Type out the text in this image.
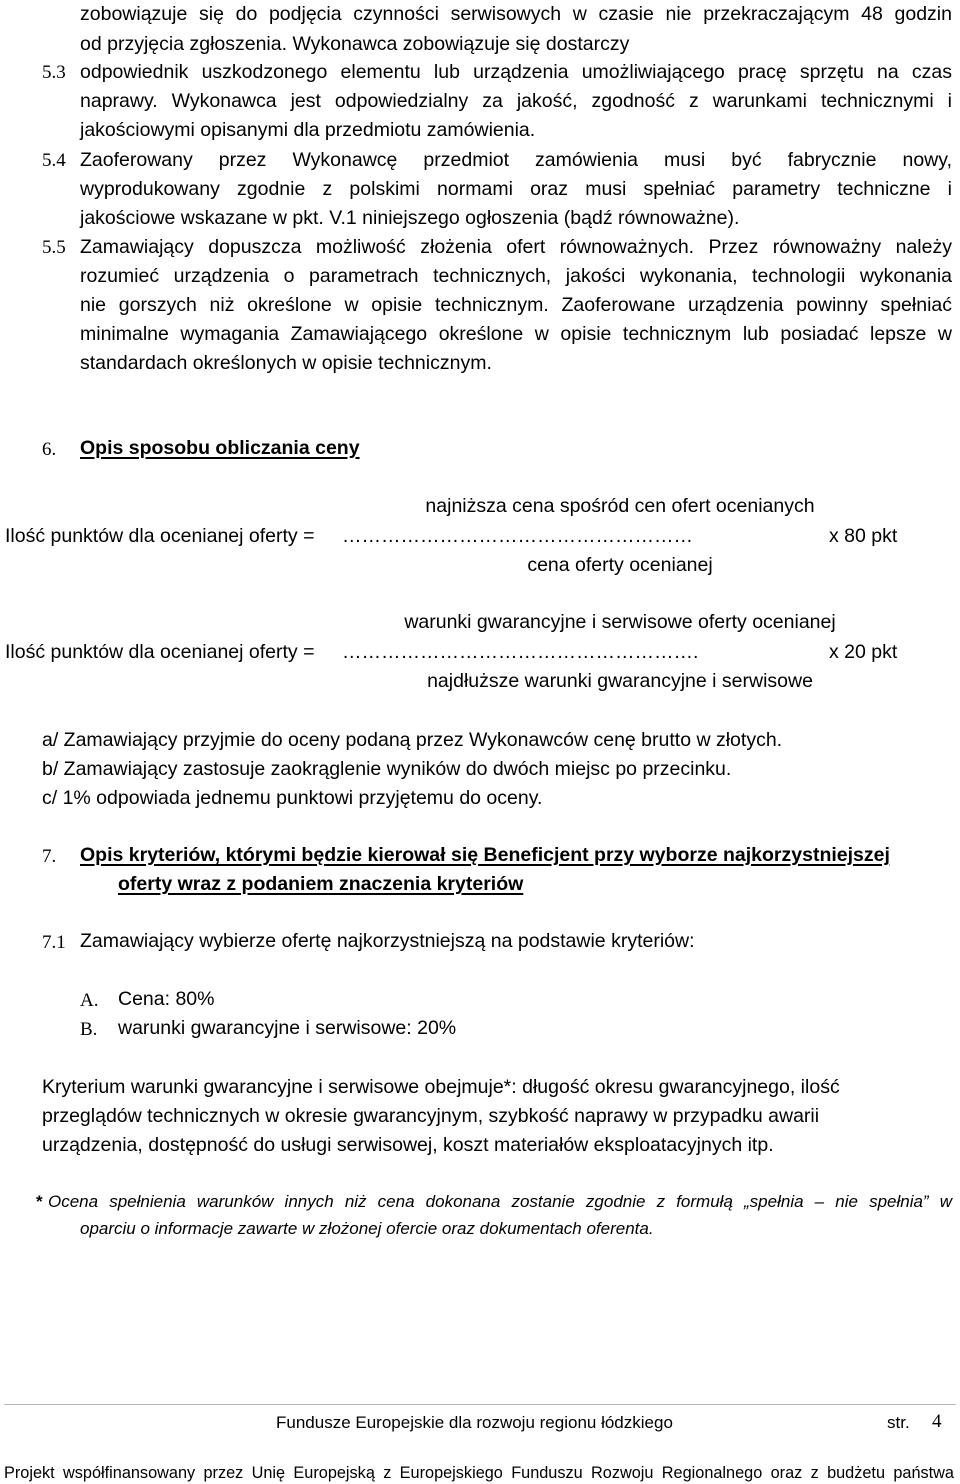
zobowiązuje się do podjęcia czynności serwisowych w czasie nie przekraczającym 48 godzin
od przyjęcia zgłoszenia. Wykonawca zobowiązuje się dostarczy
5.3 odpowiednik uszkodzonego elementu lub urządzenia umożliwiającego pracę sprzętu na czas
naprawy. Wykonawca jest odpowiedzialny za jakość, zgodność z warunkami technicznymi i
jakościowymi opisanymi dla przedmiotu zamówienia.
5.4 Zaoferowany przez Wykonawcę przedmiot zamówienia musi być fabrycznie nowy,
wyprodukowany zgodnie z polskimi normami oraz musi spełniać parametry techniczne i
jakościowe wskazane w pkt. V.1 niniejszego ogłoszenia (bądź równoważne).
5.5 Zamawiający dopuszcza możliwość złożenia ofert równoważnych. Przez równoważny należy
rozumieć urządzenia o parametrach technicznych, jakości wykonania, technologii wykonania
nie gorszych niż określone w opisie technicznym. Zaoferowane urządzenia powinny spełniać
minimalne wymagania Zamawiającego określone w opisie technicznym lub posiadać lepsze w
standardach określonych w opisie technicznym.
6. Opis sposobu obliczania ceny
najniższa cena spośród cen ofert ocenianych
Ilość punktów dla ocenianej oferty = ………………………………………………	x 80 pkt
cena oferty ocenianej
warunki gwarancyjne i serwisowe oferty ocenianej
Ilość punktów dla ocenianej oferty = ……………………………………………….	x 20 pkt
najdłuższe warunki gwarancyjne i serwisowe
a/ Zamawiający przyjmie do oceny podaną przez Wykonawców cenę brutto w złotych.
b/ Zamawiający zastosuje zaokrąglenie wyników do dwóch miejsc po przecinku.
c/ 1% odpowiada jednemu punktowi przyjętemu do oceny.
7. Opis kryteriów, którymi będzie kierował się Beneficjent przy wyborze najkorzystniejszej
oferty wraz z podaniem znaczenia kryteriów
7.1 Zamawiający wybierze ofertę najkorzystniejszą na podstawie kryteriów:
A. Cena: 80%
B. warunki gwarancyjne i serwisowe: 20%
Kryterium warunki gwarancyjne i serwisowe obejmuje*: długość okresu gwarancyjnego, ilość
przeglądów technicznych w okresie gwarancyjnym, szybkość naprawy w przypadku awarii
urządzenia, dostępność do usługi serwisowej, koszt materiałów eksploatacyjnych itp.
* Ocena spełnienia warunków innych niż cena dokonana zostanie zgodnie z formułą „spełnia – nie spełnia” w
oparciu o informacje zawarte w złożonej ofercie oraz dokumentach oferenta.
Fundusze Europejskie dla rozwoju regionu łódzkiego	str. 4
Projekt współfinansowany przez Unię Europejską z Europejskiego Funduszu Rozwoju Regionalnego oraz z budżetu państwa
